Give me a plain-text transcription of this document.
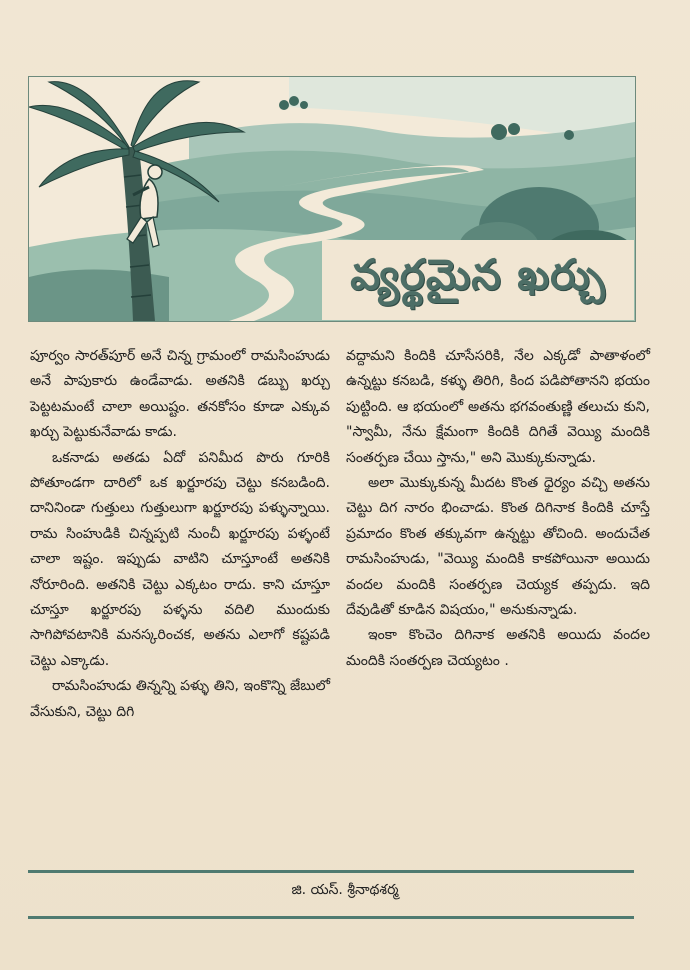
వ్యర్థమైన ఖర్చు

పూర్వం సారత్‌పూర్ అనే చిన్న గ్రామంలో రామసింహుడు అనే పాపుకారు ఉండేవాడు. అతనికి డబ్బు ఖర్చు పెట్టటమంటే చాలా అయిష్టం. తనకోసం కూడా ఎక్కువ ఖర్చు పెట్టుకునేవాడు కాడు.

ఒకనాడు అతడు ఏదో పనిమీద పొరు గూరికి పోతూండగా దారిలో ఒక ఖర్జూరపు చెట్టు కనబడింది. దానినిండా గుత్తులు గుత్తులుగా ఖర్జూరపు పళ్ళున్నాయి. రామ సింహుడికి చిన్నప్పటి నుంచీ ఖర్జూరపు పళ్ళంటే చాలా ఇష్టం. ఇప్పుడు వాటిని చూస్తూంటే అతనికి నోరూరింది. అతనికి చెట్టు ఎక్కటం రాదు. కాని చూస్తూ చూస్తూ ఖర్జూరపు పళ్ళను వదిలి ముందుకు సాగిపోవటానికి మనస్కరించక, అతను ఎలాగో కష్టపడి చెట్టు ఎక్కాడు.

రామసింహుడు తిన్నన్ని పళ్ళు తిని, ఇంకొన్ని జేబులో వేసుకుని, చెట్టు దిగి

వద్దామని కిందికి చూసేసరికి, నేల ఎక్కడో పాతాళంలో ఉన్నట్టు కనబడి, కళ్ళు తిరిగి, కింద పడిపోతానని భయం పుట్టింది. ఆ భయంలో అతను భగవంతుణ్ణి తలుచు కుని, "స్వామీ, నేను క్షేమంగా కిందికి దిగితే వెయ్యి మందికి సంతర్పణ చేయి స్తాను," అని మొక్కుకున్నాడు.

అలా మొక్కుకున్న మీదట కొంత ధైర్యం వచ్చి అతను చెట్టు దిగ నారం భించాడు. కొంత దిగినాక కిందికి చూస్తే ప్రమాదం కొంత తక్కువగా ఉన్నట్టు తోచింది. అందుచేత రామసింహుడు, "వెయ్యి మందికి కాకపోయినా అయిదు వందల మందికి సంతర్పణ చెయ్యక తప్పదు. ఇది దేవుడితో కూడిన విషయం," అనుకున్నాడు.

ఇంకా కొంచెం దిగినాక అతనికి అయిదు వందల మందికి సంతర్పణ చెయ్యటం .

జి. యస్. శ్రీనాథశర్మ
